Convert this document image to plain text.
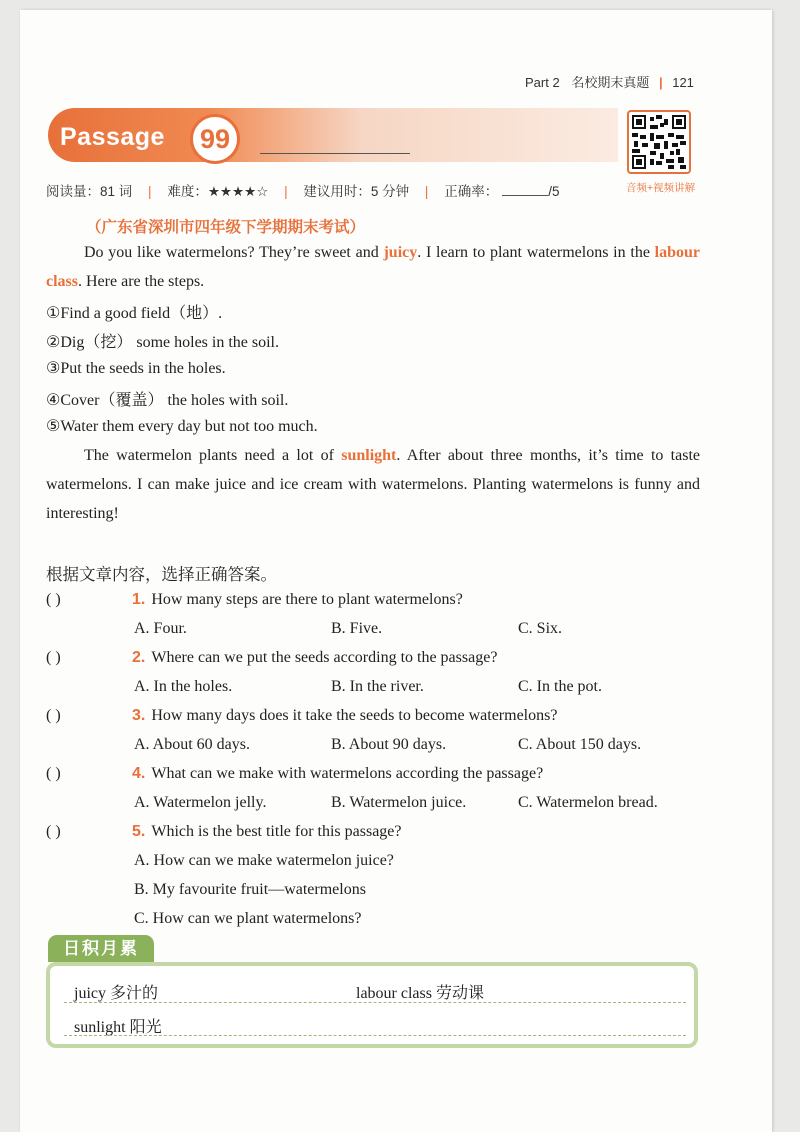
Part 2 名校期末真题 | 121
Passage	99
音频+视频讲解
阅读量：81 词 | 难度：★★★★☆ | 建议用时：5 分钟 | 正确率：	/5
（广东省深圳市四年级下学期期末考试）
Do you like watermelons? They’re sweet and juicy. I learn to plant watermelons in the labour class. Here are the steps.
①Find a good field（地）.
②Dig（挖） some holes in the soil.
③Put the seeds in the holes.
④Cover（覆盖） the holes with soil.
⑤Water them every day but not too much.
The watermelon plants need a lot of sunlight. After about three months, it’s time to taste watermelons. I can make juice and ice cream with watermelons. Planting watermelons is funny and interesting!
根据文章内容，选择正确答案。
( )	1. How many steps are there to plant watermelons?
A. Four.	B. Five.	C. Six.
( )	2. Where can we put the seeds according to the passage?
A. In the holes.	B. In the river.	C. In the pot.
( )	3. How many days does it take the seeds to become watermelons?
A. About 60 days.	B. About 90 days.	C. About 150 days.
( )	4. What can we make with watermelons according the passage?
A. Watermelon jelly.	B. Watermelon juice.	C. Watermelon bread.
( )	5. Which is the best title for this passage?
A. How can we make watermelon juice?
B. My favourite fruit—watermelons
C. How can we plant watermelons?
日积月累
juicy 多汁的	labour class 劳动课
sunlight 阳光
